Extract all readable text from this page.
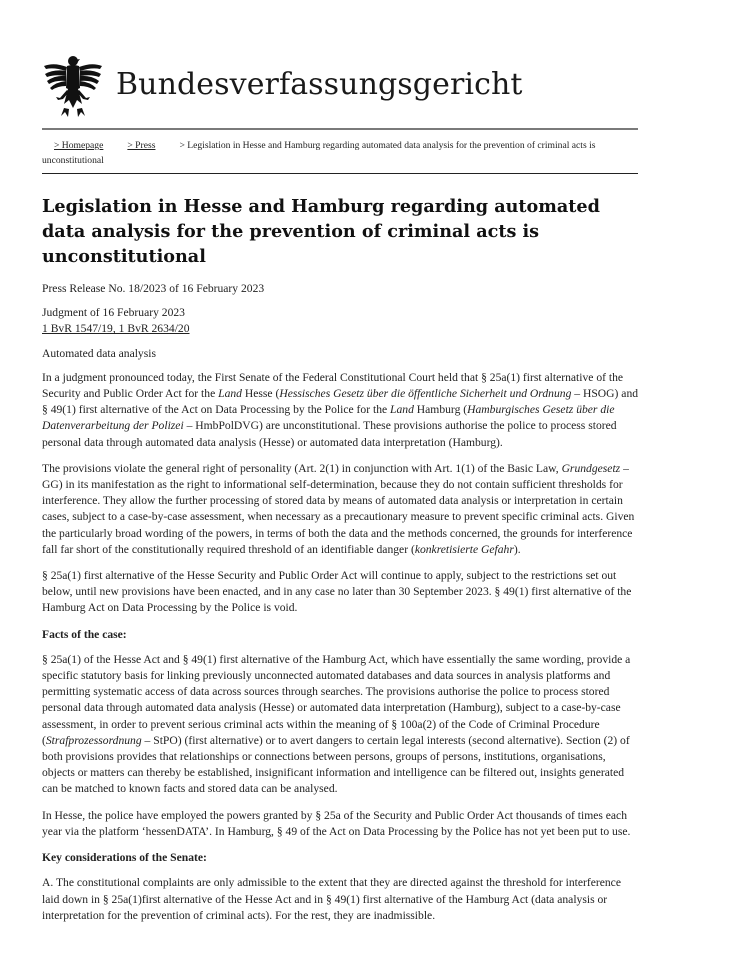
Bundesverfassungsgericht
> Homepage	> Press	> Legislation in Hesse and Hamburg regarding automated data analysis for the prevention of criminal acts is unconstitutional
Legislation in Hesse and Hamburg regarding automated data analysis for the prevention of criminal acts is unconstitutional

Press Release No. 18/2023 of 16 February 2023

Judgment of 16 February 2023
1 BvR 1547/19, 1 BvR 2634/20

Automated data analysis

In a judgment pronounced today, the First Senate of the Federal Constitutional Court held that § 25a(1) first alternative of the Security and Public Order Act for the Land Hesse (Hessisches Gesetz über die öffentliche Sicherheit und Ordnung – HSOG) and § 49(1) first alternative of the Act on Data Processing by the Police for the Land Hamburg (Hamburgisches Gesetz über die Datenverarbeitung der Polizei – HmbPolDVG) are unconstitutional. These provisions authorise the police to process stored personal data through automated data analysis (Hesse) or automated data interpretation (Hamburg).

The provisions violate the general right of personality (Art. 2(1) in conjunction with Art. 1(1) of the Basic Law, Grundgesetz – GG) in its manifestation as the right to informational self-determination, because they do not contain sufficient thresholds for interference. They allow the further processing of stored data by means of automated data analysis or interpretation in certain cases, subject to a case-by-case assessment, when necessary as a precautionary measure to prevent specific criminal acts. Given the particularly broad wording of the powers, in terms of both the data and the methods concerned, the grounds for interference fall far short of the constitutionally required threshold of an identifiable danger (konkretisierte Gefahr).

§ 25a(1) first alternative of the Hesse Security and Public Order Act will continue to apply, subject to the restrictions set out below, until new provisions have been enacted, and in any case no later than 30 September 2023. § 49(1) first alternative of the Hamburg Act on Data Processing by the Police is void.

Facts of the case:

§ 25a(1) of the Hesse Act and § 49(1) first alternative of the Hamburg Act, which have essentially the same wording, provide a specific statutory basis for linking previously unconnected automated databases and data sources in analysis platforms and permitting systematic access of data across sources through searches. The provisions authorise the police to process stored personal data through automated data analysis (Hesse) or automated data interpretation (Hamburg), subject to a case-by-case assessment, in order to prevent serious criminal acts within the meaning of § 100a(2) of the Code of Criminal Procedure (Strafprozessordnung – StPO) (first alternative) or to avert dangers to certain legal interests (second alternative). Section (2) of both provisions provides that relationships or connections between persons, groups of persons, institutions, organisations, objects or matters can thereby be established, insignificant information and intelligence can be filtered out, insights generated can be matched to known facts and stored data can be analysed.

In Hesse, the police have employed the powers granted by § 25a of the Security and Public Order Act thousands of times each year via the platform ‘hessenDATA’. In Hamburg, § 49 of the Act on Data Processing by the Police has not yet been put to use.

Key considerations of the Senate:

A. The constitutional complaints are only admissible to the extent that they are directed against the threshold for interference laid down in § 25a(1)first alternative of the Hesse Act and in § 49(1) first alternative of the Hamburg Act (data analysis or interpretation for the prevention of criminal acts). For the rest, they are inadmissible.
